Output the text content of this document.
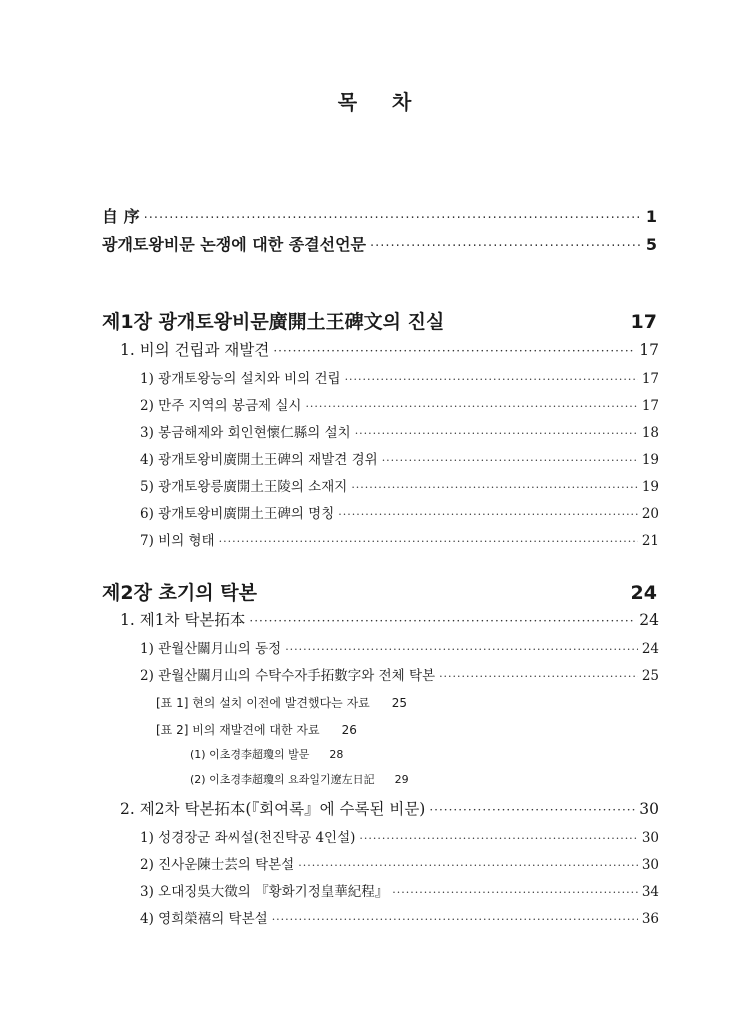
목 차
自 序 ·····	1
광개토왕비문 논쟁에 대한 종결선언문 ·····	5
제1장 광개토왕비문廣開土王碑文의 진실	17
1. 비의 건립과 재발견 ·····	17
1) 광개토왕능의 설치와 비의 건립 ·····	17
2) 만주 지역의 봉금제 실시 ·····	17
3) 봉금해제와 회인현懷仁縣의 설치 ·····	18
4) 광개토왕비廣開土王碑의 재발견 경위 ·····	19
5) 광개토왕릉廣開土王陵의 소재지 ·····	19
6) 광개토왕비廣開土王碑의 명칭 ·····	20
7) 비의 형태 ·····	21
제2장 초기의 탁본	24
1. 제1차 탁본拓本 ·····	24
1) 관월산關月山의 동정 ·····	24
2) 관월산關月山의 수탁수자手拓數字와 전체 탁본 ·····	25
[표 1] 현의 설치 이전에 발견했다는 자료 25
[표 2] 비의 재발견에 대한 자료 26
(1) 이초경李超瓊의 발문 28
(2) 이초경李超瓊의 요좌일기遼左日記 29
2. 제2차 탁본拓本(『회여록』에 수록된 비문) ·····	30
1) 성경장군 좌씨설(천진탁공 4인설) ·····	30
2) 진사운陳士芸의 탁본설 ·····	30
3) 오대징吳大徵의 『황화기정皇華紀程』 ·····	34
4) 영희榮禧의 탁본설 ·····	36
